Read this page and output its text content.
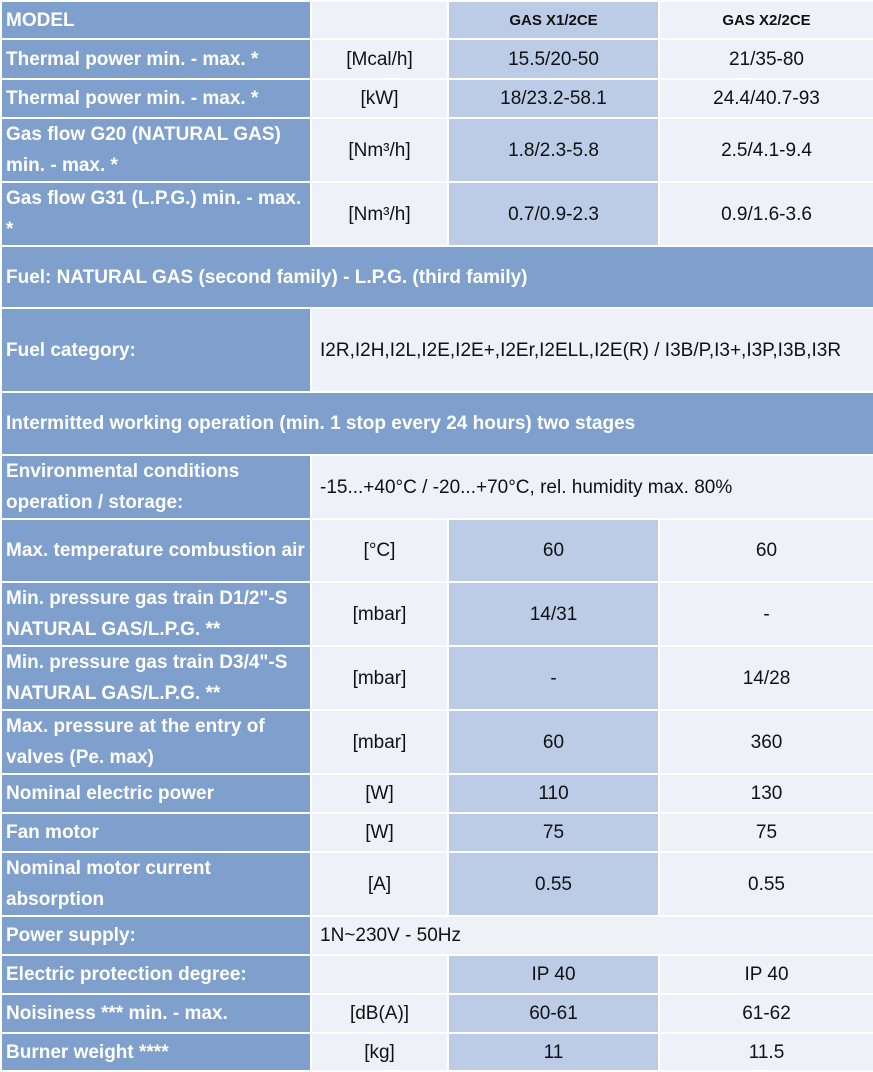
MODEL		GAS X1/2CE	GAS X2/2CE
Thermal power min. - max. *	[Mcal/h]	15.5/20-50	21/35-80
Thermal power min. - max. *	[kW]	18/23.2-58.1	24.4/40.7-93
Gas flow G20 (NATURAL GAS) min. - max. *	[Nm³/h]	1.8/2.3-5.8	2.5/4.1-9.4
Gas flow G31 (L.P.G.) min. - max. *	[Nm³/h]	0.7/0.9-2.3	0.9/1.6-3.6
Fuel: NATURAL GAS (second family) - L.P.G. (third family)			
Fuel category:	I2R,I2H,I2L,I2E,I2E+,I2Er,I2ELL,I2E(R) / I3B/P,I3+,I3P,I3B,I3R		
Intermitted working operation (min. 1 stop every 24 hours) two stages			
Environmental conditions operation / storage:	-15...+40°C / -20...+70°C, rel. humidity max. 80%		
Max. temperature combustion air	[°C]	60	60
Min. pressure gas train D1/2"-S NATURAL GAS/L.P.G. **	[mbar]	14/31	-
Min. pressure gas train D3/4"-S NATURAL GAS/L.P.G. **	[mbar]	-	14/28
Max. pressure at the entry of valves (Pe. max)	[mbar]	60	360
Nominal electric power	[W]	110	130
Fan motor	[W]	75	75
Nominal motor current absorption	[A]	0.55	0.55
Power supply:	1N~230V - 50Hz		
Electric protection degree:		IP 40	IP 40
Noisiness *** min. - max.	[dB(A)]	60-61	61-62
Burner weight ****	[kg]	11	11.5
